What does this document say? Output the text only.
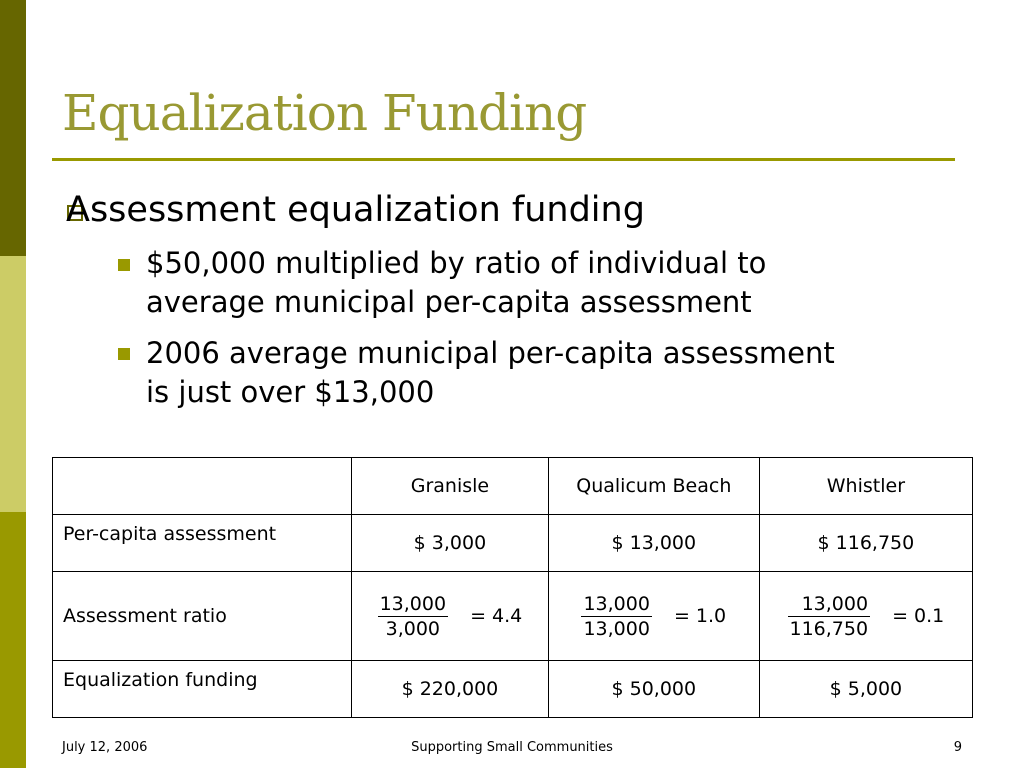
Equalization Funding
Assessment equalization funding
$50,000 multiplied by ratio of individual to
average municipal per-capita assessment
2006 average municipal per-capita assessment
is just over $13,000
	Granisle	Qualicum Beach	Whistler
Per-capita assessment	$ 3,000	$ 13,000	$ 116,750
Assessment ratio	$\frac{13,000}{3,000} = 4.4$	$\frac{13,000}{13,000} = 1.0$	$\frac{13,000}{116,750} = 0.1$

Equalization funding	$ 220,000	$ 50,000	$ 5,000
July 12, 2006	Supporting Small Communities	9
